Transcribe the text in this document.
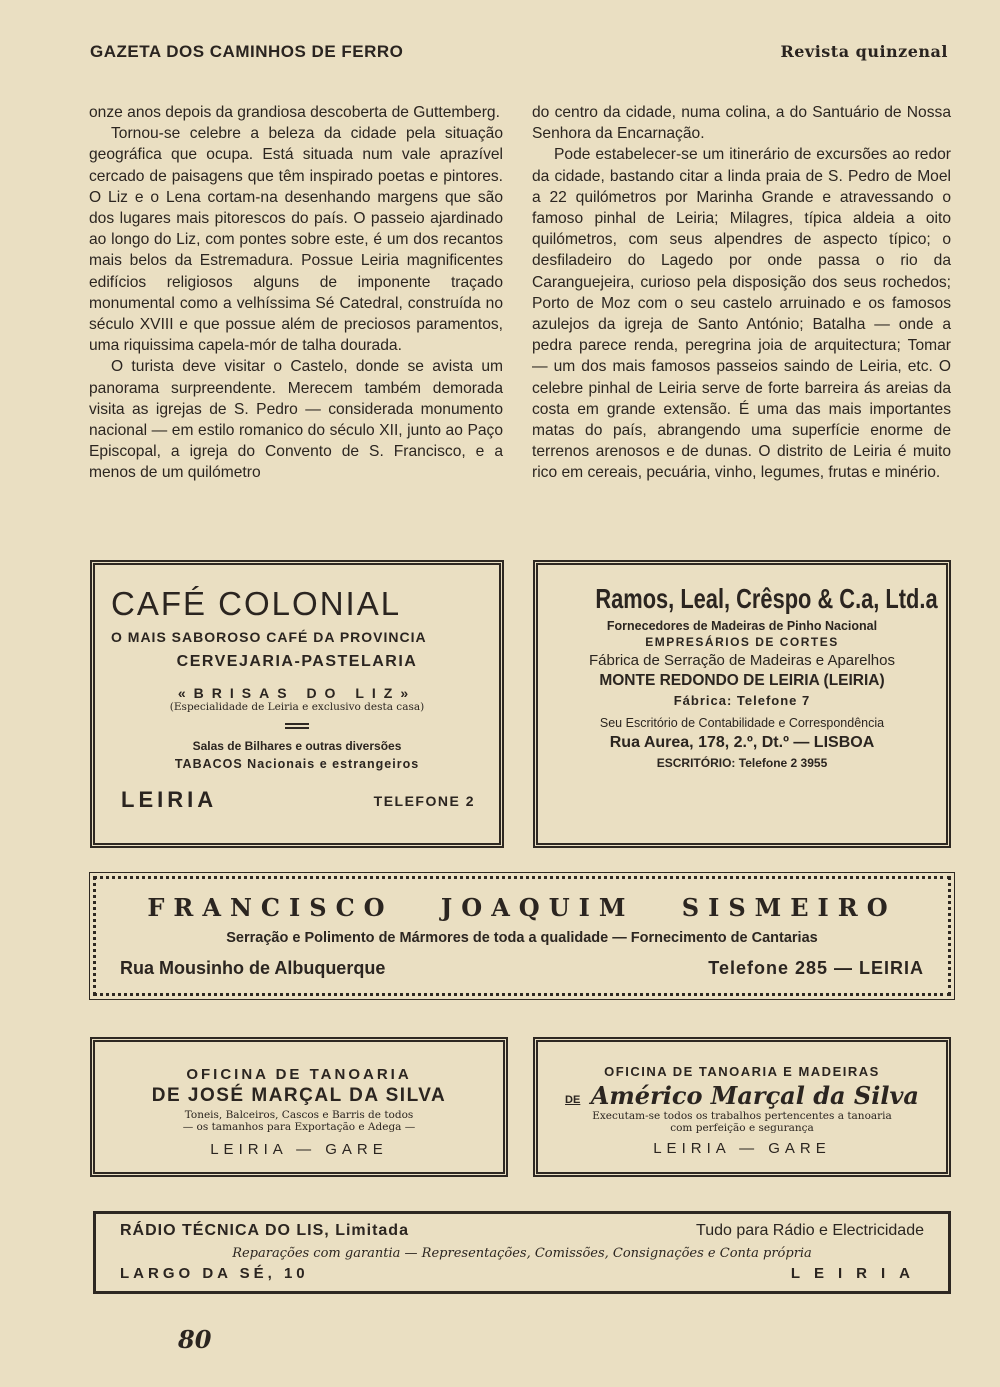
GAZETA DOS CAMINHOS DE FERRO	Revista quinzenal

onze anos depois da grandiosa descoberta de Guttemberg.

Tornou-se celebre a beleza da cidade pela situação geográfica que ocupa. Está situada num vale aprazível cercado de paisagens que têm inspirado poetas e pintores. O Liz e o Lena cortam-na desenhando margens que são dos lugares mais pitorescos do país. O passeio ajardinado ao longo do Liz, com pontes sobre este, é um dos recantos mais belos da Estremadura. Possue Leiria magnificentes edifícios religiosos alguns de imponente traçado monumental como a velhíssima Sé Catedral, construída no século XVIII e que possue além de preciosos paramentos, uma riquissima capela-mór de talha dourada.

O turista deve visitar o Castelo, donde se avista um panorama surpreendente. Merecem também demorada visita as igrejas de S. Pedro — considerada monumento nacional — em estilo romanico do século XII, junto ao Paço Episcopal, a igreja do Convento de S. Francisco, e a menos de um quilómetro

do centro da cidade, numa colina, a do Santuário de Nossa Senhora da Encarnação.

Pode estabelecer-se um itinerário de excursões ao redor da cidade, bastando citar a linda praia de S. Pedro de Moel a 22 quilómetros por Marinha Grande e atravessando o famoso pinhal de Leiria; Milagres, típica aldeia a oito quilómetros, com seus alpendres de aspecto típico; o desfiladeiro do Lagedo por onde passa o rio da Caranguejeira, curioso pela disposição dos seus rochedos; Porto de Moz com o seu castelo arruinado e os famosos azulejos da igreja de Santo António; Batalha — onde a pedra parece renda, peregrina joia de arquitectura; Tomar — um dos mais famosos passeios saindo de Leiria, etc. O celebre pinhal de Leiria serve de forte barreira ás areias da costa em grande extensão. É uma das mais importantes matas do país, abrangendo uma superfície enorme de terrenos arenosos e de dunas. O distrito de Leiria é muito rico em cereais, pecuária, vinho, legumes, frutas e minério.

CAFÉ COLONIAL
O MAIS SABOROSO CAFÉ DA PROVINCIA
CERVEJARIA-PASTELARIA
«BRISAS DO LIZ»
(Especialidade de Leiria e exclusivo desta casa)
Salas de Bilhares e outras diversões
TABACOS Nacionais e estrangeiros
LEIRIA	TELEFONE 2
Ramos, Leal, Crêspo & C.a, Ltd.a
Fornecedores de Madeiras de Pinho Nacional
EMPRESÁRIOS DE CORTES
Fábrica de Serração de Madeiras e Aparelhos
MONTE REDONDO DE LEIRIA (LEIRIA)
Fábrica: Telefone 7
Seu Escritório de Contabilidade e Correspondência
Rua Aurea, 178, 2.º, Dt.º — LISBOA
ESCRITÓRIO: Telefone 2 3955
FRANCISCO JOAQUIM SISMEIRO
Serração e Polimento de Mármores de toda a qualidade — Fornecimento de Cantarias
Rua Mousinho de Albuquerque	Telefone 285 — LEIRIA
OFICINA DE TANOARIA
DE JOSÉ MARÇAL DA SILVA
Toneis, Balceiros, Cascos e Barris de todos
— os tamanhos para Exportação e Adega —
LEIRIA — GARE
OFICINA DE TANOARIA E MADEIRAS
DE Américo Marçal da Silva
Executam-se todos os trabalhos pertencentes a tanoaria
com perfeição e segurança
LEIRIA — GARE
RÁDIO TÉCNICA DO LIS, Limitada	Tudo para Rádio e Electricidade
Reparações com garantia — Representações, Comissões, Consignações e Conta própria
LARGO DA SÉ, 10	LEIRIA
80
